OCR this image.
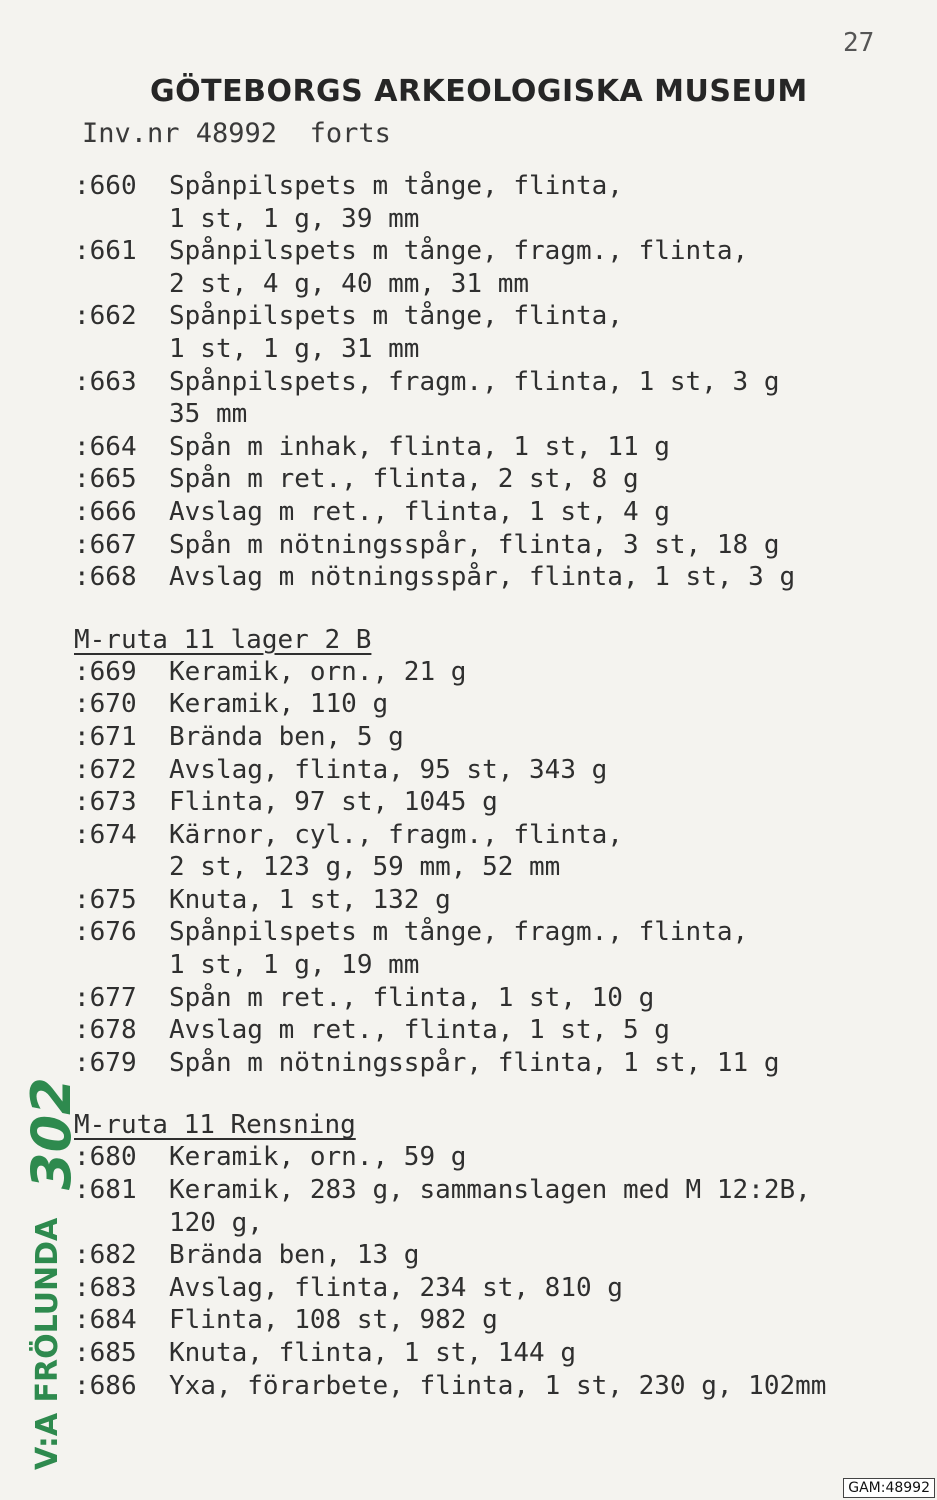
27
GÖTEBORGS ARKEOLOGISKA MUSEUM
Inv.nr 48992  forts
:660	Spånpilspets m tånge, flinta,
1 st, 1 g, 39 mm
:661	Spånpilspets m tånge, fragm., flinta,
2 st, 4 g, 40 mm, 31 mm
:662	Spånpilspets m tånge, flinta,
1 st, 1 g, 31 mm
:663	Spånpilspets, fragm., flinta, 1 st, 3 g
35 mm
:664	Spån m inhak, flinta, 1 st, 11 g
:665	Spån m ret., flinta, 2 st, 8 g
:666	Avslag m ret., flinta, 1 st, 4 g
:667	Spån m nötningsspår, flinta, 3 st, 18 g
:668	Avslag m nötningsspår, flinta, 1 st, 3 g
M-ruta 11 lager 2 B
:669	Keramik, orn., 21 g
:670	Keramik, 110 g
:671	Brända ben, 5 g
:672	Avslag, flinta, 95 st, 343 g
:673	Flinta, 97 st, 1045 g
:674	Kärnor, cyl., fragm., flinta,
2 st, 123 g, 59 mm, 52 mm
:675	Knuta, 1 st, 132 g
:676	Spånpilspets m tånge, fragm., flinta,
1 st, 1 g, 19 mm
:677	Spån m ret., flinta, 1 st, 10 g
:678	Avslag m ret., flinta, 1 st, 5 g
:679	Spån m nötningsspår, flinta, 1 st, 11 g
M-ruta 11 Rensning
:680	Keramik, orn., 59 g
:681	Keramik, 283 g, sammanslagen med M 12:2B,
120 g,
:682	Brända ben, 13 g
:683	Avslag, flinta, 234 st, 810 g
:684	Flinta, 108 st, 982 g
:685	Knuta, flinta, 1 st, 144 g
:686	Yxa, förarbete, flinta, 1 st, 230 g, 102mm
302
V:A FRÖLUNDA
GAM:48992
